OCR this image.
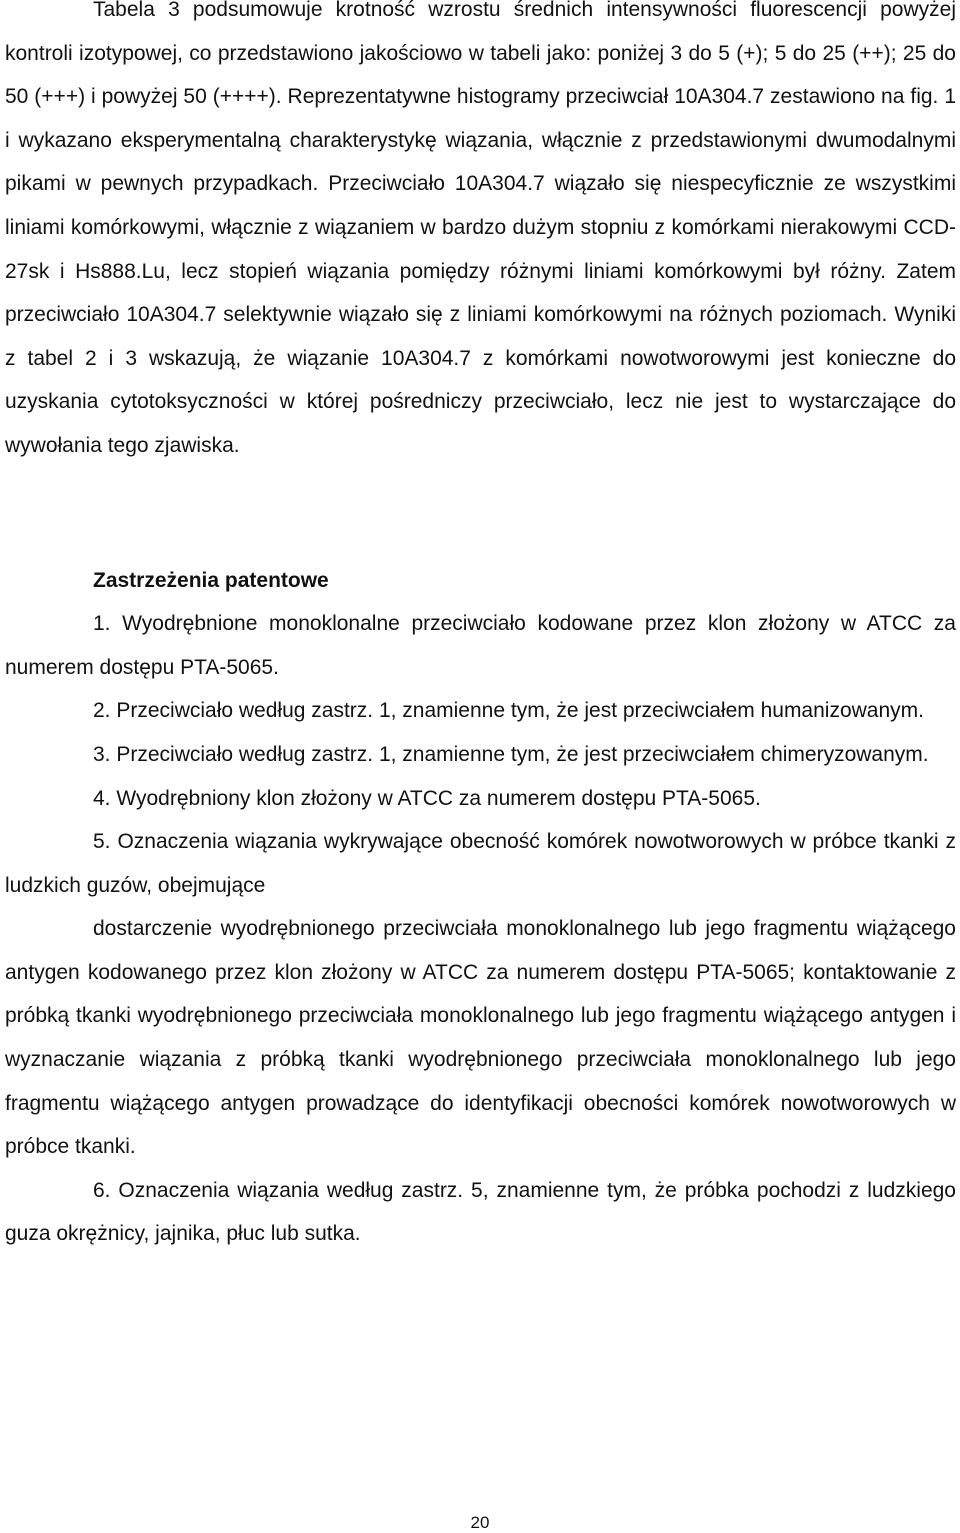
Tabela 3 podsumowuje krotność wzrostu średnich intensywności fluorescencji powyżej kontroli izotypowej, co przedstawiono jakościowo w tabeli jako: poniżej 3 do 5 (+); 5 do 25 (++); 25 do 50 (+++) i powyżej 50 (++++). Reprezentatywne histogramy przeciwciał 10A304.7 zestawiono na fig. 1 i wykazano eksperymentalną charakterystykę wiązania, włącznie z przedstawionymi dwumodalnymi pikami w pewnych przypadkach. Przeciwciało 10A304.7 wiązało się niespecyficznie ze wszystkimi liniami komórkowymi, włącznie z wiązaniem w bardzo dużym stopniu z komórkami nierakowymi CCD-27sk i Hs888.Lu, lecz stopień wiązania pomiędzy różnymi liniami komórkowymi był różny. Zatem przeciwciało 10A304.7 selektywnie wiązało się z liniami komórkowymi na różnych poziomach. Wyniki z tabel 2 i 3 wskazują, że wiązanie 10A304.7 z komórkami nowotworowymi jest konieczne do uzyskania cytotoksyczności w której pośredniczy przeciwciało, lecz nie jest to wystarczające do wywołania tego zjawiska.

Zastrzeżenia patentowe

1. Wyodrębnione monoklonalne przeciwciało kodowane przez klon złożony w ATCC za numerem dostępu PTA-5065.

2. Przeciwciało według zastrz. 1, znamienne tym, że jest przeciwciałem humanizowanym.

3. Przeciwciało według zastrz. 1, znamienne tym, że jest przeciwciałem chimeryzowanym.

4. Wyodrębniony klon złożony w ATCC za numerem dostępu PTA-5065.

5. Oznaczenia wiązania wykrywające obecność komórek nowotworowych w próbce tkanki z ludzkich guzów, obejmujące

dostarczenie wyodrębnionego przeciwciała monoklonalnego lub jego fragmentu wiążącego antygen kodowanego przez klon złożony w ATCC za numerem dostępu PTA-5065; kontaktowanie z próbką tkanki wyodrębnionego przeciwciała monoklonalnego lub jego fragmentu wiążącego antygen i wyznaczanie wiązania z próbką tkanki wyodrębnionego przeciwciała monoklonalnego lub jego fragmentu wiążącego antygen prowadzące do identyfikacji obecności komórek nowotworowych w próbce tkanki.

6. Oznaczenia wiązania według zastrz. 5, znamienne tym, że próbka pochodzi z ludzkiego guza okrężnicy, jajnika, płuc lub sutka.

20
